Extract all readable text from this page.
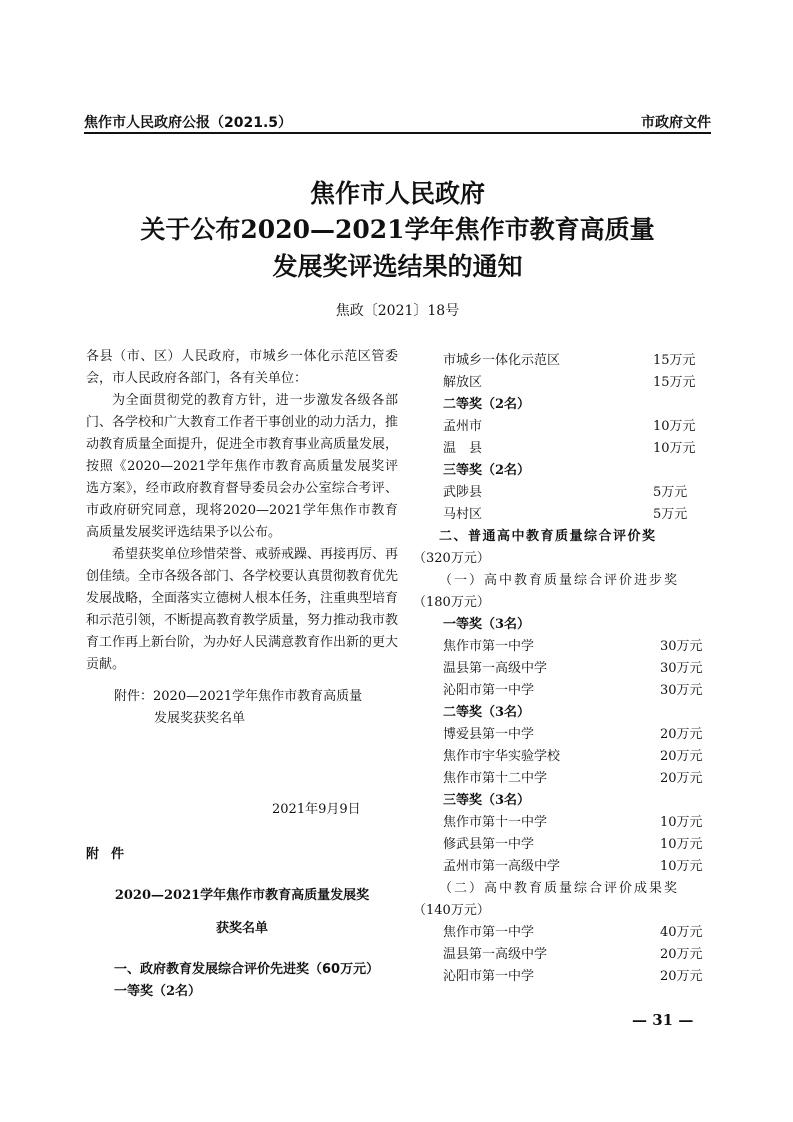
焦作市人民政府公报（2021.5）	市政府文件
焦作市人民政府
关于公布2020—2021学年焦作市教育高质量
发展奖评选结果的通知
焦政〔2021〕18号

各县（市、区）人民政府，市城乡一体化示范区管委会，市人民政府各部门，各有关单位：

为全面贯彻党的教育方针，进一步激发各级各部门、各学校和广大教育工作者干事创业的动力活力，推动教育质量全面提升，促进全市教育事业高质量发展，按照《2020—2021学年焦作市教育高质量发展奖评选方案》，经市政府教育督导委员会办公室综合考评、市政府研究同意，现将2020—2021学年焦作市教育高质量发展奖评选结果予以公布。

希望获奖单位珍惜荣誉、戒骄戒躁、再接再厉、再创佳绩。全市各级各部门、各学校要认真贯彻教育优先发展战略，全面落实立德树人根本任务，注重典型培育和示范引领，不断提高教育教学质量，努力推动我市教育工作再上新台阶，为办好人民满意教育作出新的更大贡献。

附件：2020—2021学年焦作市教育高质量

发展奖获奖名单

2021年9月9日
附件
2020—2021学年焦作市教育高质量发展奖
获奖名单
一、政府教育发展综合评价先进奖（60万元）
一等奖（2名）
市城乡一体化示范区	15万元
解放区	15万元
二等奖（2名）
孟州市	10万元
温　县	10万元
三等奖（2名）
武陟县	5万元
马村区	5万元
二、普通高中教育质量综合评价奖
（320万元）
（一）高中教育质量综合评价进步奖
（180万元）
一等奖（3名）
焦作市第一中学	30万元
温县第一高级中学	30万元
沁阳市第一中学	30万元
二等奖（3名）
博爱县第一中学	20万元
焦作市宇华实验学校	20万元
焦作市第十二中学	20万元
三等奖（3名）
焦作市第十一中学	10万元
修武县第一中学	10万元
孟州市第一高级中学	10万元
（二）高中教育质量综合评价成果奖
（140万元）
焦作市第一中学	40万元
温县第一高级中学	20万元
沁阳市第一中学	20万元
— 31 —
